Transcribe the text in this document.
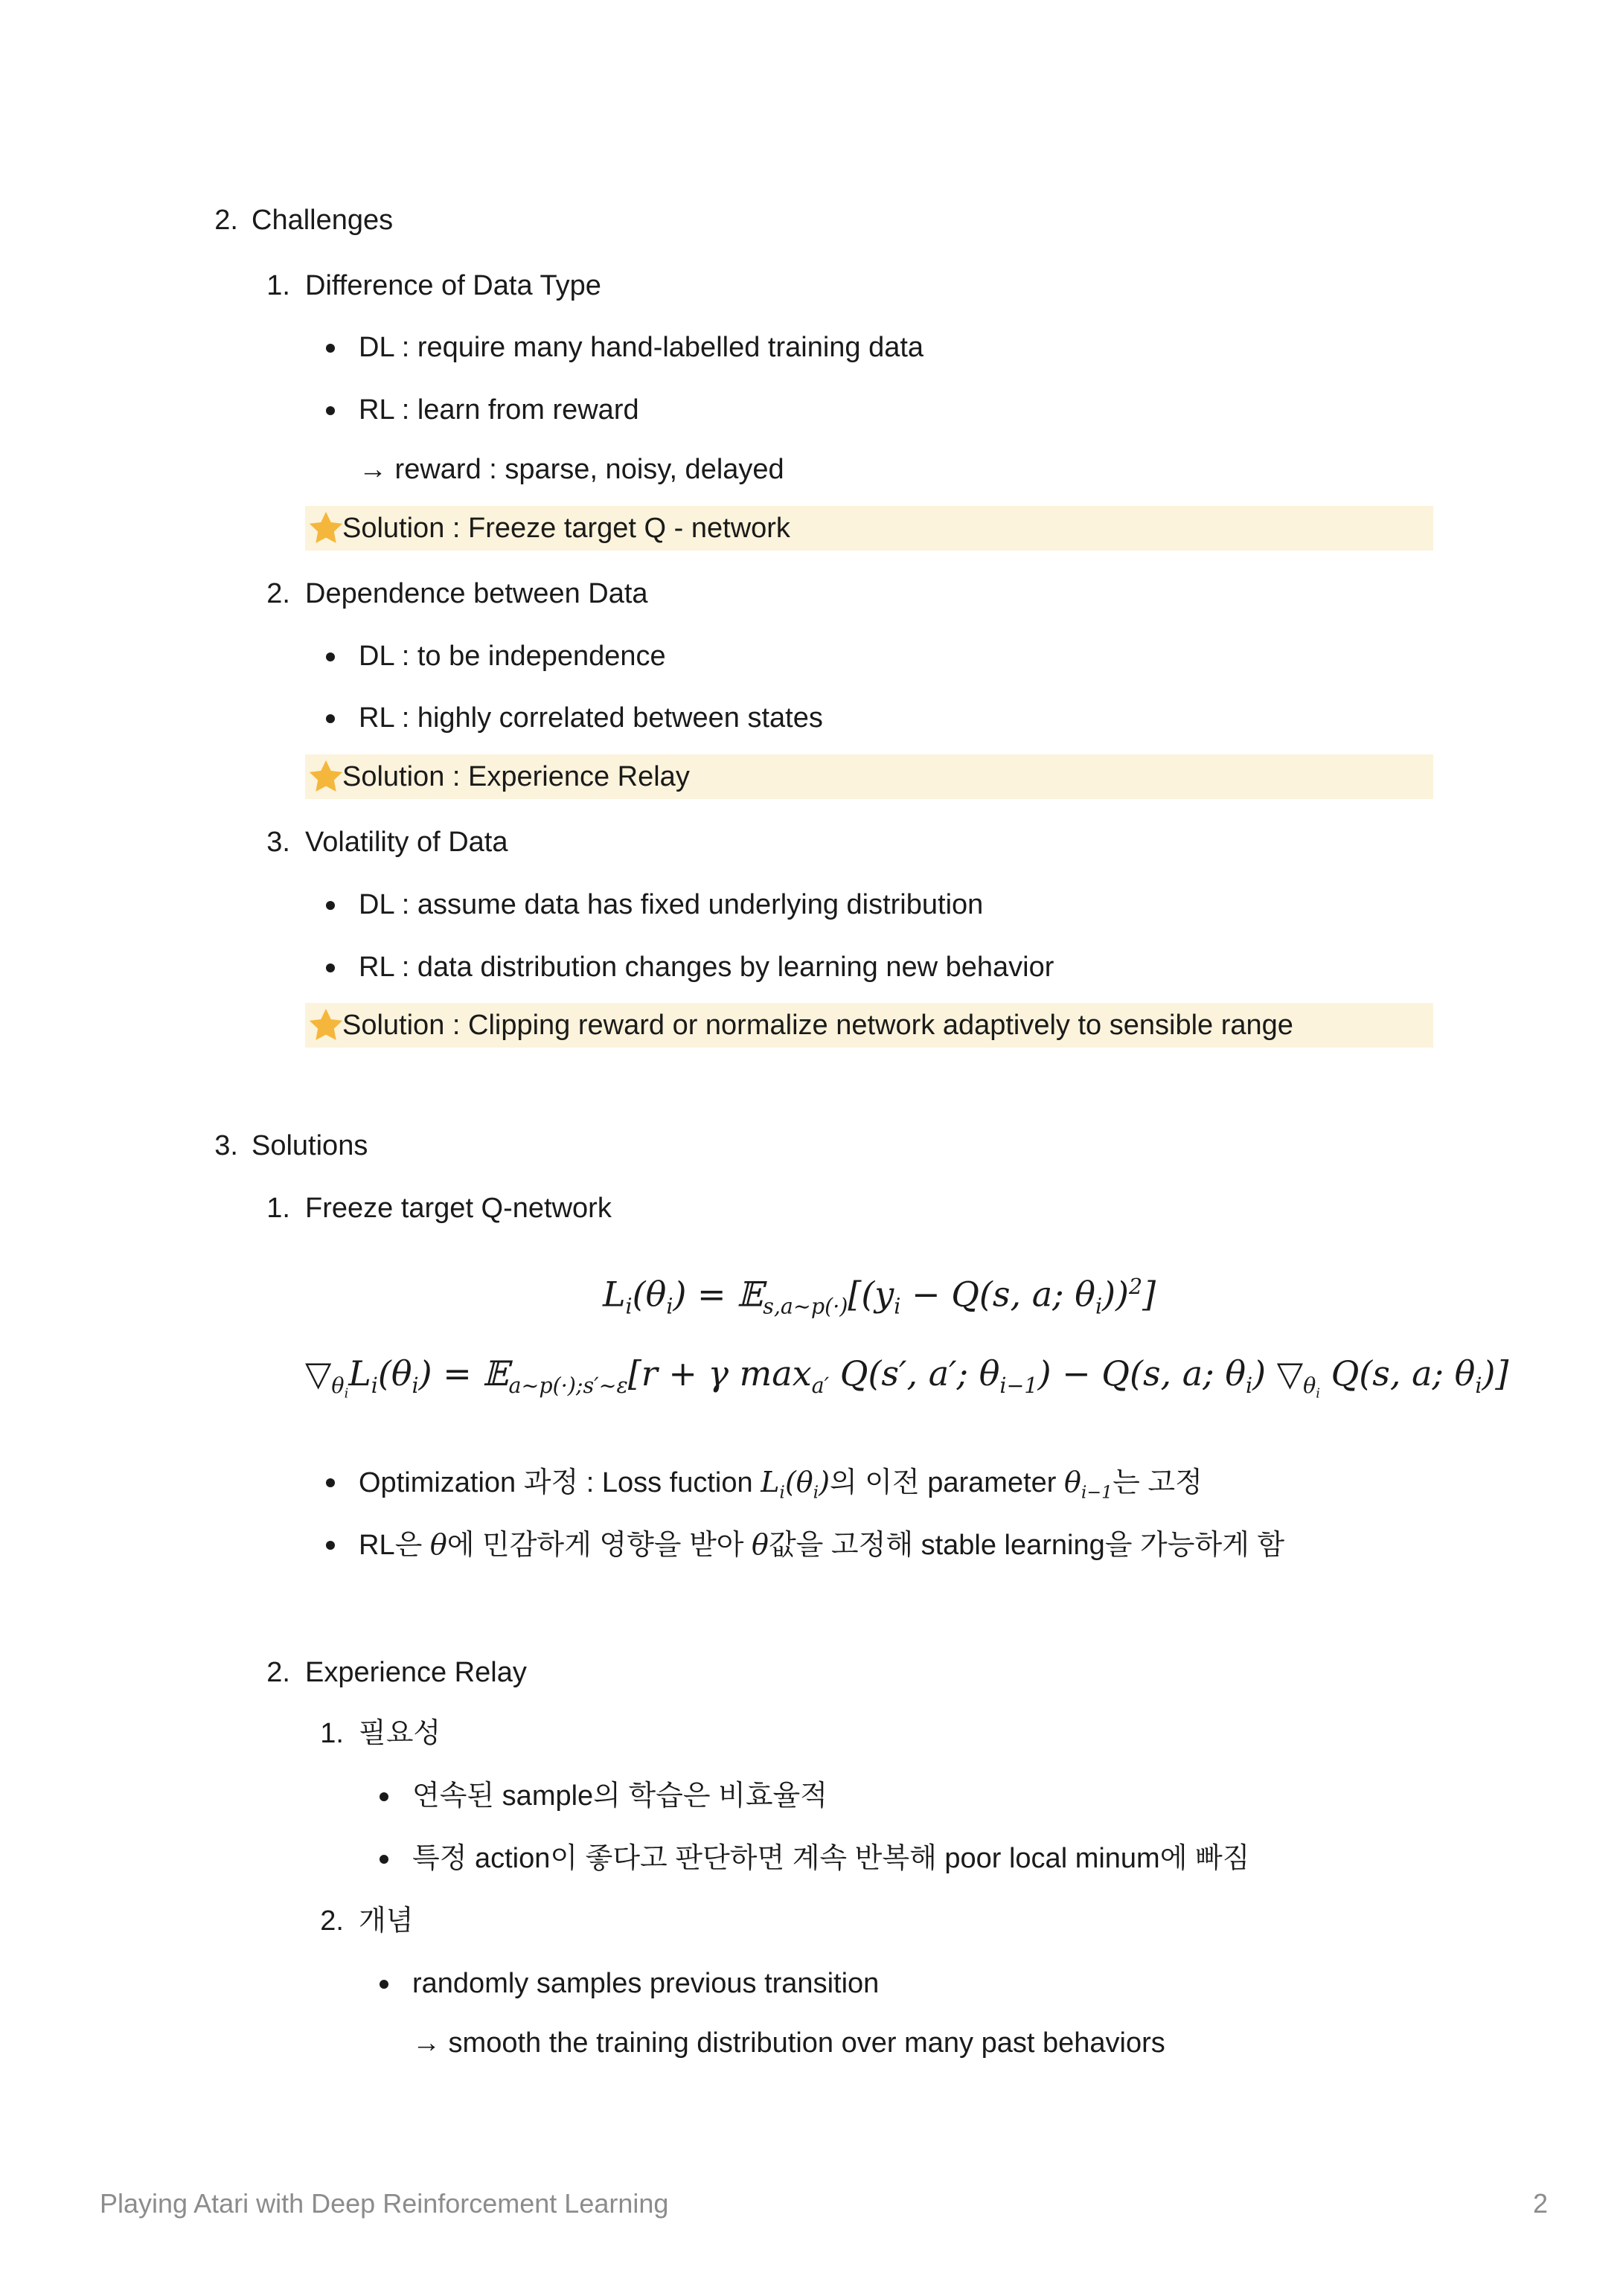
2. Challenges
1. Difference of Data Type
DL : require many hand-labelled training data
RL : learn from reward
→ reward : sparse, noisy, delayed
Solution : Freeze target Q - network
2. Dependence between Data
DL : to be independence
RL : highly correlated between states
Solution : Experience Relay
3. Volatility of Data
DL : assume data has fixed underlying distribution
RL : data distribution changes by learning new behavior
Solution : Clipping reward or normalize network adaptively to sensible range
3. Solutions
1. Freeze target Q-network
$L_i(\theta_i)$ = $𝔼_{s,a\sim p(\cdot)}[(y_i - Q(s$, a; $\theta_i))^2$]
$▽_{\theta_i}L_i(\theta_i)$ = 𝔼$_{a\sim p(\cdot);s'\sim\varepsilon}$[r + γ $\max_{a'} Q(s'$, a′; $\theta_{i-1}) - Q(s$, a; $\theta_i$) $▽_{\theta_i}$ Q(s, a; $\theta_i$)]
Optimization 과정 : Loss fuction $L_i(\theta_i)$의 이전 parameter $\theta_{i-1}$는 고정
RL은 θ에 민감하게 영향을 받아 θ값을 고정해 stable learning을 가능하게 함
2. Experience Relay
1. 필요성
연속된 sample의 학습은 비효율적
특정 action이 좋다고 판단하면 계속 반복해 poor local minum에 빠짐
2. 개념
randomly samples previous transition
→ smooth the training distribution over many past behaviors
Playing Atari with Deep Reinforcement Learning	2
